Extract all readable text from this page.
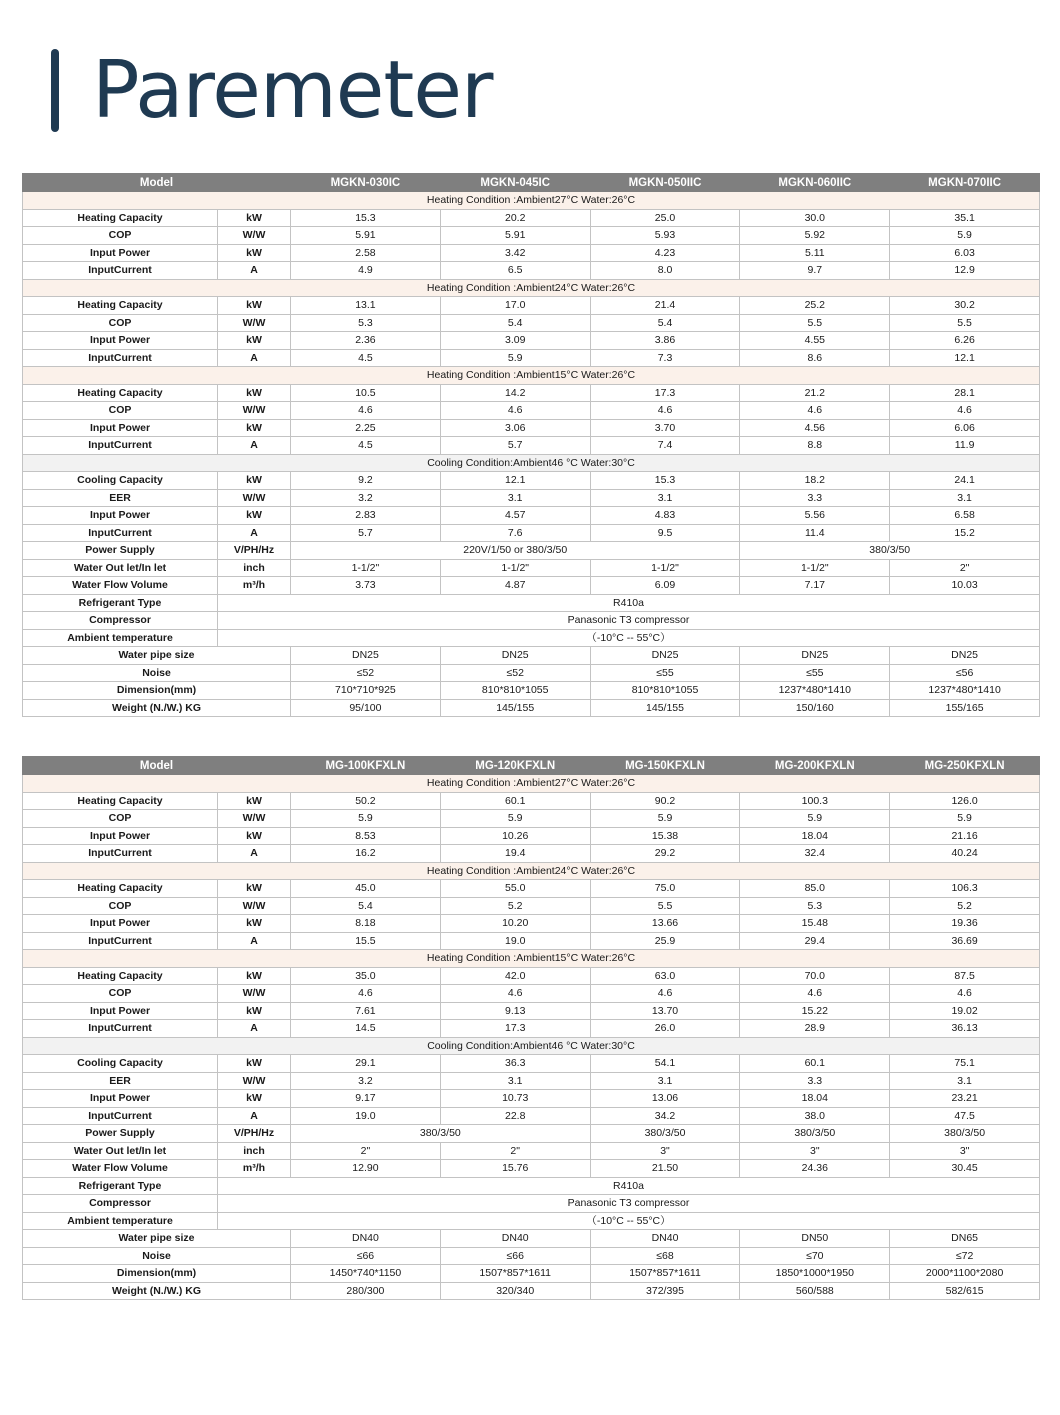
Paremeter
Model		MGKN-030IC	MGKN-045IC	MGKN-050IIC	MGKN-060IIC	MGKN-070IIC
Heating Condition :Ambient27°C Water:26°C						
Heating Capacity	kW	15.3	20.2	25.0	30.0	35.1
COP	W/W	5.91	5.91	5.93	5.92	5.9
Input Power	kW	2.58	3.42	4.23	5.11	6.03
InputCurrent	A	4.9	6.5	8.0	9.7	12.9
Heating Condition :Ambient24°C Water:26°C						
Heating Capacity	kW	13.1	17.0	21.4	25.2	30.2
COP	W/W	5.3	5.4	5.4	5.5	5.5
Input Power	kW	2.36	3.09	3.86	4.55	6.26
InputCurrent	A	4.5	5.9	7.3	8.6	12.1
Heating Condition :Ambient15°C Water:26°C						
Heating Capacity	kW	10.5	14.2	17.3	21.2	28.1
COP	W/W	4.6	4.6	4.6	4.6	4.6
Input Power	kW	2.25	3.06	3.70	4.56	6.06
InputCurrent	A	4.5	5.7	7.4	8.8	11.9
Cooling Condition:Ambient46 °C Water:30°C						
Cooling Capacity	kW	9.2	12.1	15.3	18.2	24.1
EER	W/W	3.2	3.1	3.1	3.3	3.1
Input Power	kW	2.83	4.57	4.83	5.56	6.58
InputCurrent	A	5.7	7.6	9.5	11.4	15.2
Power Supply	V/PH/Hz	220V/1/50 or 380/3/50			380/3/50	
Water Out let/In let	inch	1-1/2"	1-1/2"	1-1/2"	1-1/2"	2"
Water Flow Volume	m³/h	3.73	4.87	6.09	7.17	10.03
Refrigerant Type	R410a					
Compressor	Panasonic T3 compressor					
Ambient temperature	（-10°C -- 55°C）					
Water pipe size		DN25	DN25	DN25	DN25	DN25
Noise		≤52	≤52	≤55	≤55	≤56
Dimension(mm)		710*710*925	810*810*1055	810*810*1055	1237*480*1410	1237*480*1410
Weight (N./W.) KG		95/100	145/155	145/155	150/160	155/165
Model		MG-100KFXLN	MG-120KFXLN	MG-150KFXLN	MG-200KFXLN	MG-250KFXLN
Heating Condition :Ambient27°C Water:26°C						
Heating Capacity	kW	50.2	60.1	90.2	100.3	126.0
COP	W/W	5.9	5.9	5.9	5.9	5.9
Input Power	kW	8.53	10.26	15.38	18.04	21.16
InputCurrent	A	16.2	19.4	29.2	32.4	40.24
Heating Condition :Ambient24°C Water:26°C						
Heating Capacity	kW	45.0	55.0	75.0	85.0	106.3
COP	W/W	5.4	5.2	5.5	5.3	5.2
Input Power	kW	8.18	10.20	13.66	15.48	19.36
InputCurrent	A	15.5	19.0	25.9	29.4	36.69
Heating Condition :Ambient15°C Water:26°C						
Heating Capacity	kW	35.0	42.0	63.0	70.0	87.5
COP	W/W	4.6	4.6	4.6	4.6	4.6
Input Power	kW	7.61	9.13	13.70	15.22	19.02
InputCurrent	A	14.5	17.3	26.0	28.9	36.13
Cooling Condition:Ambient46 °C Water:30°C						
Cooling Capacity	kW	29.1	36.3	54.1	60.1	75.1
EER	W/W	3.2	3.1	3.1	3.3	3.1
Input Power	kW	9.17	10.73	13.06	18.04	23.21
InputCurrent	A	19.0	22.8	34.2	38.0	47.5
Power Supply	V/PH/Hz	380/3/50		380/3/50	380/3/50	380/3/50
Water Out let/In let	inch	2"	2"	3"	3"	3"
Water Flow Volume	m³/h	12.90	15.76	21.50	24.36	30.45
Refrigerant Type	R410a					
Compressor	Panasonic T3 compressor					
Ambient temperature	（-10°C -- 55°C）					
Water pipe size		DN40	DN40	DN40	DN50	DN65
Noise		≤66	≤66	≤68	≤70	≤72
Dimension(mm)		1450*740*1150	1507*857*1611	1507*857*1611	1850*1000*1950	2000*1100*2080
Weight (N./W.) KG		280/300	320/340	372/395	560/588	582/615
